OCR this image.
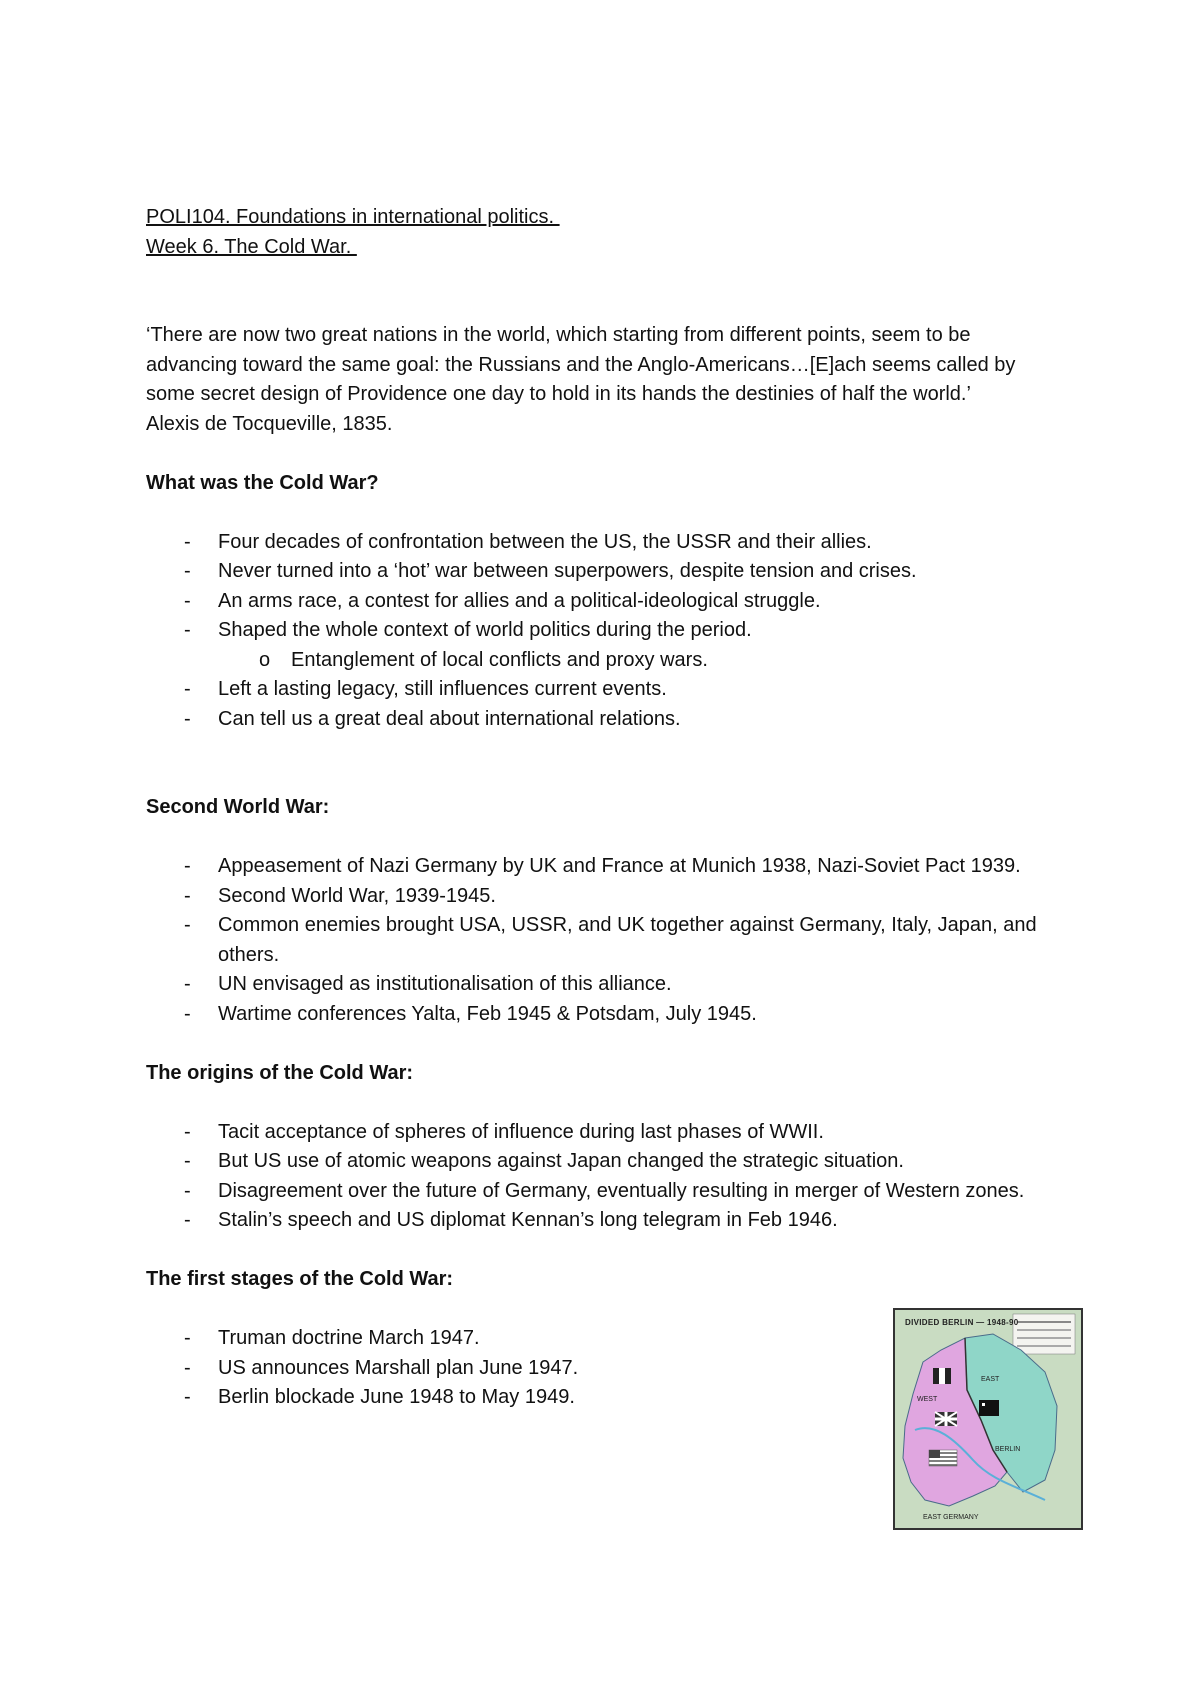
POLI104. Foundations in international politics.
Week 6. The Cold War.
‘There are now two great nations in the world, which starting from different points, seem to be advancing toward the same goal: the Russians and the Anglo-Americans…[E]ach seems called by some secret design of Providence one day to hold in its hands the destinies of half the world.’
Alexis de Tocqueville, 1835.
What was the Cold War?
- Four decades of confrontation between the US, the USSR and their allies.
- Never turned into a ‘hot’ war between superpowers, despite tension and crises.
- An arms race, a contest for allies and a political-ideological struggle.
- Shaped the whole context of world politics during the period.
o Entanglement of local conflicts and proxy wars.
- Left a lasting legacy, still influences current events.
- Can tell us a great deal about international relations.
Second World War:
- Appeasement of Nazi Germany by UK and France at Munich 1938, Nazi-Soviet Pact 1939.
- Second World War, 1939-1945.
- Common enemies brought USA, USSR, and UK together against Germany, Italy, Japan, and others.
- UN envisaged as institutionalisation of this alliance.
- Wartime conferences Yalta, Feb 1945 & Potsdam, July 1945.
The origins of the Cold War:
- Tacit acceptance of spheres of influence during last phases of WWII.
- But US use of atomic weapons against Japan changed the strategic situation.
- Disagreement over the future of Germany, eventually resulting in merger of Western zones.
- Stalin’s speech and US diplomat Kennan’s long telegram in Feb 1946.
The first stages of the Cold War:
- Truman doctrine March 1947.
- US announces Marshall plan June 1947.
- Berlin blockade June 1948 to May 1949.
DIVIDED BERLIN — 1948-90
EAST
WEST
BERLIN
EAST GERMANY
